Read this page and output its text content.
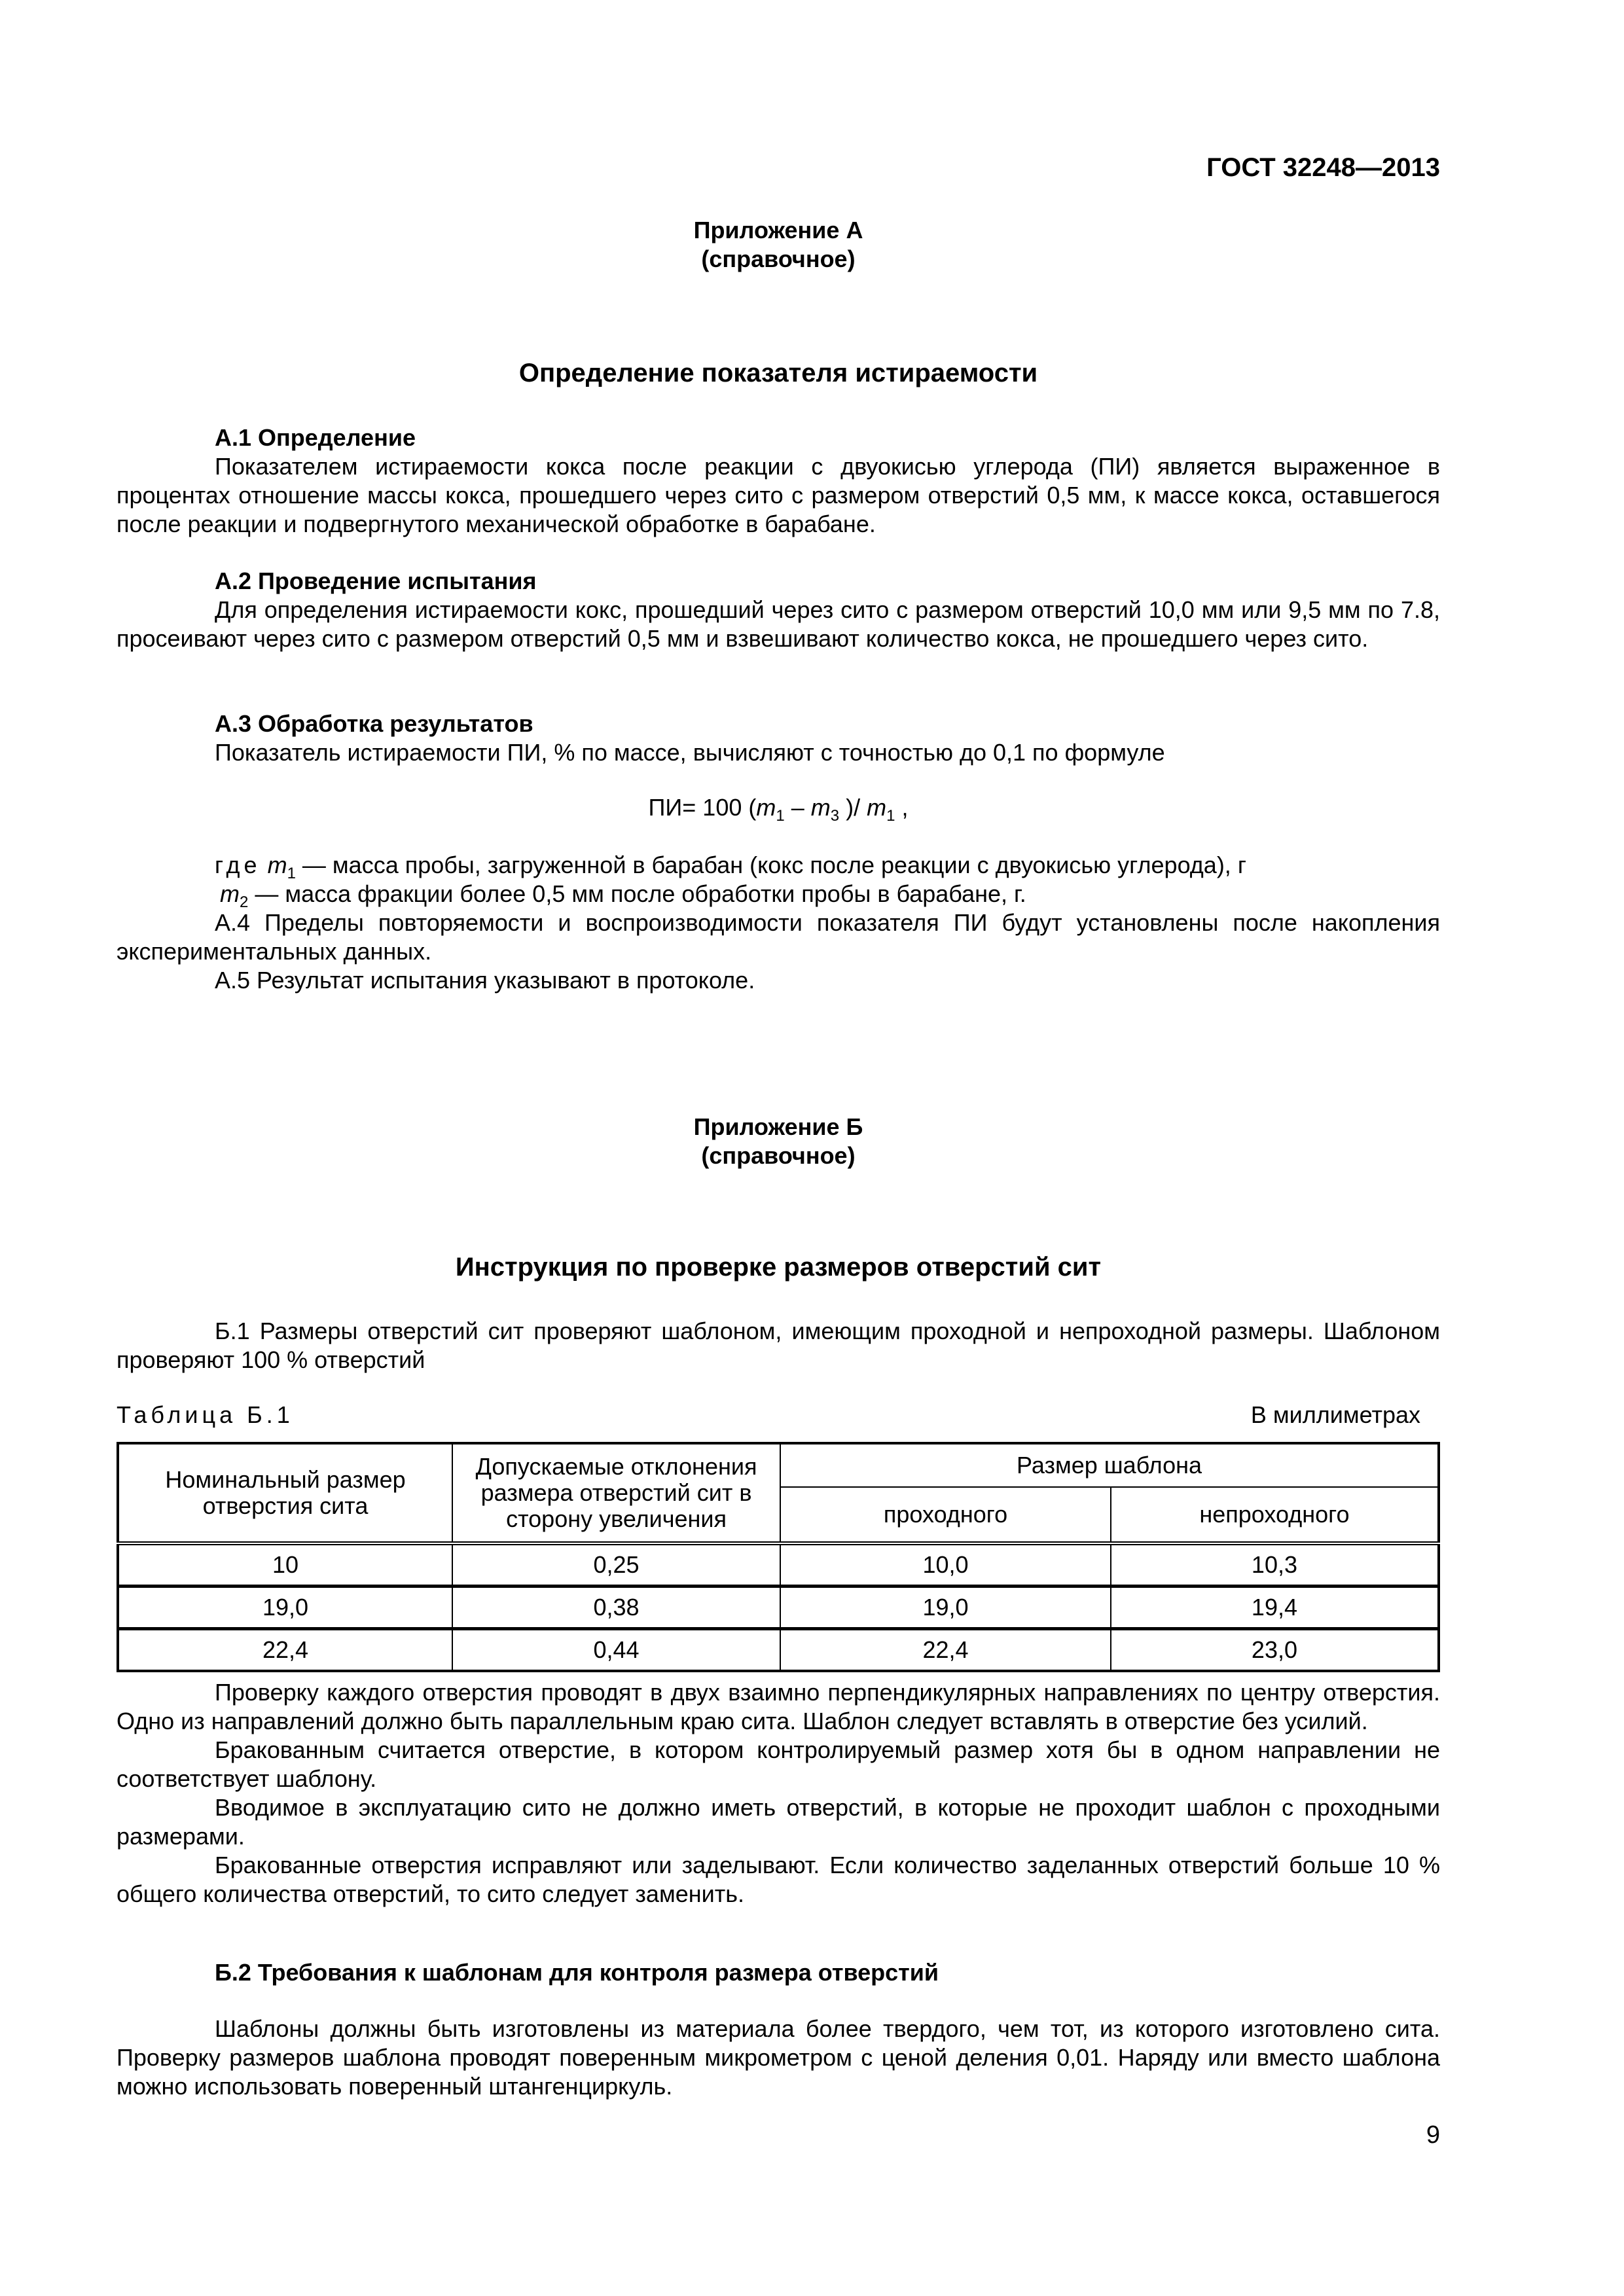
ГОСТ 32248—2013
Приложение А
(справочное)
Определение показателя истираемости

А.1 Определение

Показателем истираемости кокса после реакции с двуокисью углерода (ПИ) является выраженное в процентах отношение массы кокса, прошедшего через сито с размером отверстий 0,5 мм, к массе кокса, оставшегося после реакции и подвергнутого механической обработке в барабане.

А.2 Проведение испытания

Для определения истираемости кокс, прошедший через сито с размером отверстий 10,0 мм или 9,5 мм по 7.8, просеивают через сито с размером отверстий 0,5 мм и взвешивают количество кокса, не прошедшего через сито.

А.3 Обработка результатов

Показатель истираемости ПИ, % по массе, вычисляют с точностью до 0,1 по формуле

ПИ= 100 ($m_1 - m_3$ )/ $m_1$ ,

где $m_1$ — масса пробы, загруженной в барабан (кокс после реакции с двуокисью углерода), г

$m_2$ — масса фракции более 0,5 мм после обработки пробы в барабане, г.

А.4 Пределы повторяемости и воспроизводимости показателя ПИ будут установлены после накопления экспериментальных данных.

А.5 Результат испытания указывают в протоколе.

Приложение Б
(справочное)
Инструкция по проверке размеров отверстий сит

Б.1 Размеры отверстий сит проверяют шаблоном, имеющим проходной и непроходной размеры. Шаблоном проверяют 100 % отверстий

Таблица Б.1	В миллиметрах
Номинальный размер отверстия сита	Допускаемые отклонения размера отверстий сит в сторону увеличения	Размер шаблона	
		проходного	непроходного
10	0,25	10,0	10,3
19,0	0,38	19,0	19,4
22,4	0,44	22,4	23,0

Проверку каждого отверстия проводят в двух взаимно перпендикулярных направлениях по центру отверстия. Одно из направлений должно быть параллельным краю сита. Шаблон следует вставлять в отверстие без усилий.

Бракованным считается отверстие, в котором контролируемый размер хотя бы в одном направлении не соответствует шаблону.

Вводимое в эксплуатацию сито не должно иметь отверстий, в которые не проходит шаблон с проходными размерами.

Бракованные отверстия исправляют или заделывают. Если количество заделанных отверстий больше 10 % общего количества отверстий, то сито следует заменить.

Б.2 Требования к шаблонам для контроля размера отверстий

Шаблоны должны быть изготовлены из материала более твердого, чем тот, из которого изготовлено сита. Проверку размеров шаблона проводят поверенным микрометром с ценой деления 0,01. Наряду или вместо шаблона можно использовать поверенный штангенциркуль.

9
